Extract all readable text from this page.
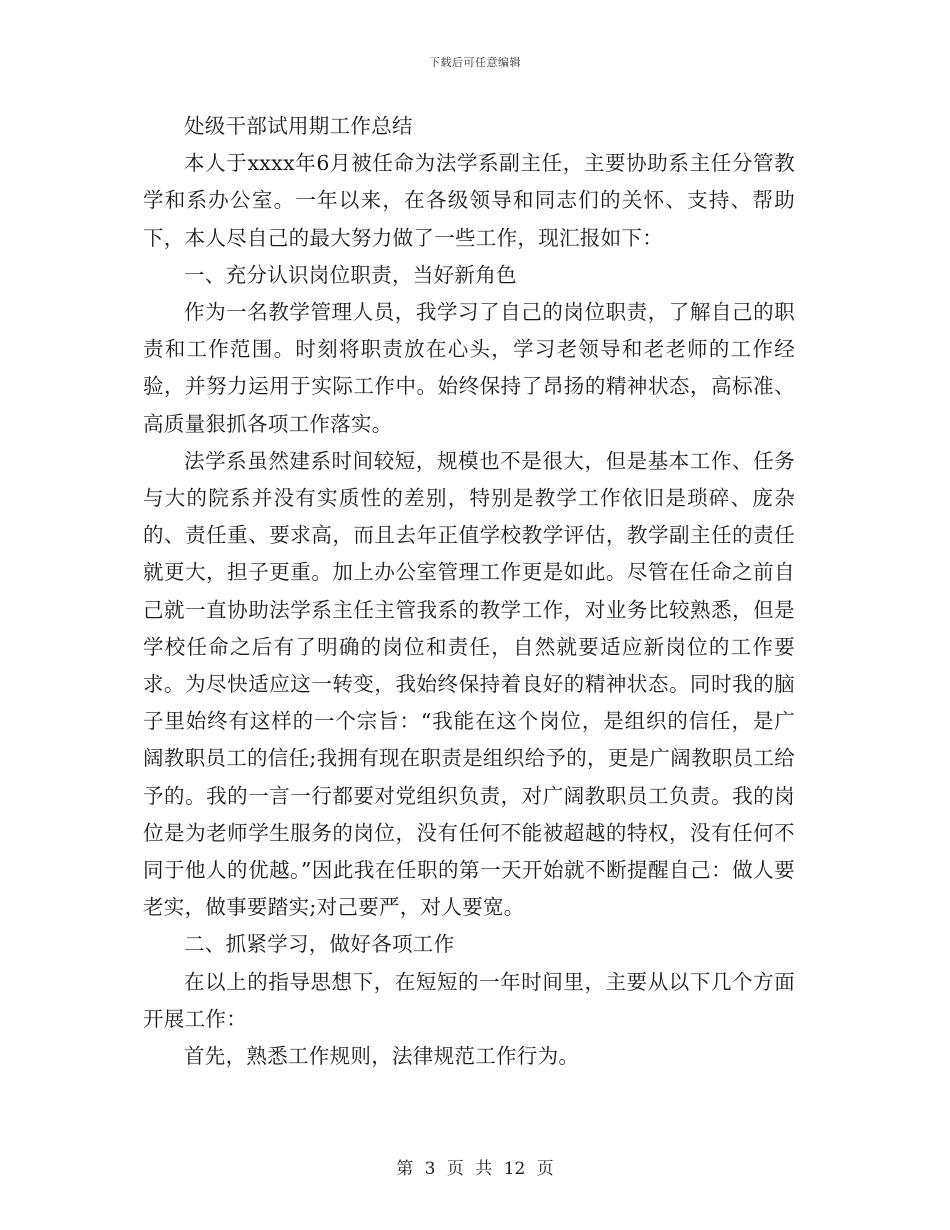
下载后可任意编辑

处级干部试用期工作总结

本人于xxxx年6月被任命为法学系副主任，主要协助系主任分管教学和系办公室。一年以来，在各级领导和同志们的关怀、支持、帮助下，本人尽自己的最大努力做了一些工作，现汇报如下：

一、充分认识岗位职责，当好新角色

作为一名教学管理人员，我学习了自己的岗位职责，了解自己的职责和工作范围。时刻将职责放在心头，学习老领导和老老师的工作经验，并努力运用于实际工作中。始终保持了昂扬的精神状态，高标准、高质量狠抓各项工作落实。

法学系虽然建系时间较短，规模也不是很大，但是基本工作、任务与大的院系并没有实质性的差别，特别是教学工作依旧是琐碎、庞杂的、责任重、要求高，而且去年正值学校教学评估，教学副主任的责任就更大，担子更重。加上办公室管理工作更是如此。尽管在任命之前自己就一直协助法学系主任主管我系的教学工作，对业务比较熟悉，但是学校任命之后有了明确的岗位和责任，自然就要适应新岗位的工作要求。为尽快适应这一转变，我始终保持着良好的精神状态。同时我的脑子里始终有这样的一个宗旨：“我能在这个岗位，是组织的信任，是广阔教职员工的信任;我拥有现在职责是组织给予的，更是广阔教职员工给予的。我的一言一行都要对党组织负责，对广阔教职员工负责。我的岗位是为老师学生服务的岗位，没有任何不能被超越的特权，没有任何不同于他人的优越。”因此我在任职的第一天开始就不断提醒自己：做人要老实，做事要踏实;对己要严，对人要宽。

二、抓紧学习，做好各项工作

在以上的指导思想下，在短短的一年时间里，主要从以下几个方面开展工作：

首先，熟悉工作规则，法律规范工作行为。

第 3 页 共 12 页
